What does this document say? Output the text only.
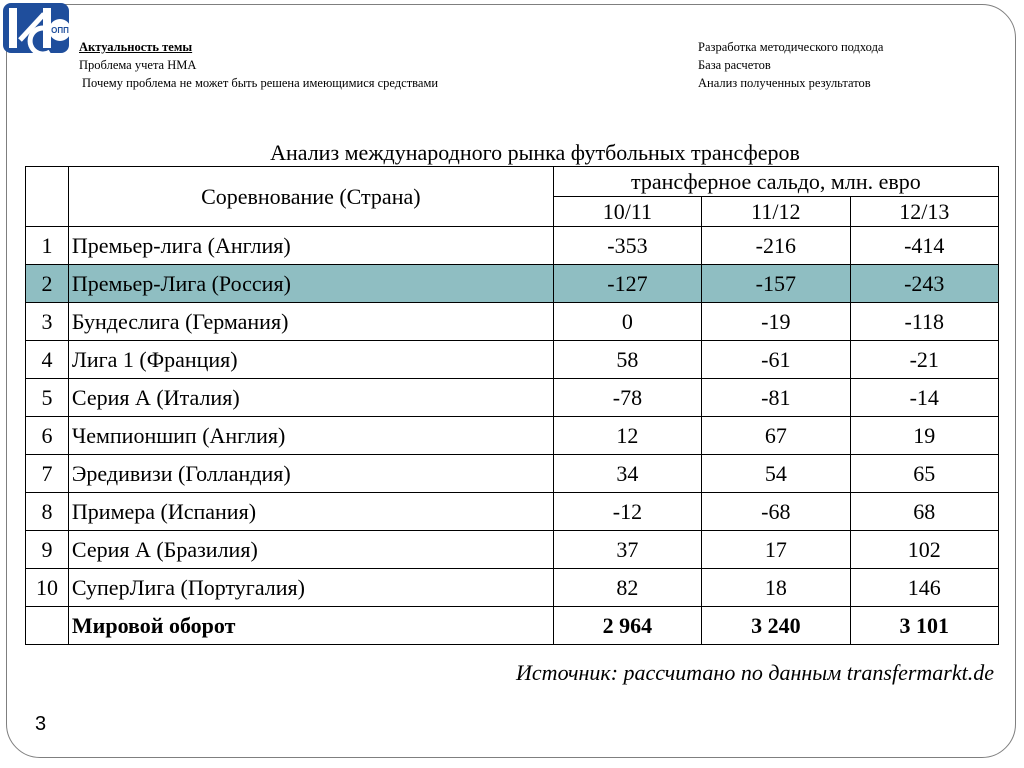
ОПП
Актуальность темы
Проблема учета НМА
Почему проблема не может быть решена имеющимися средствами
Разработка методического подхода
База расчетов
Анализ полученных результатов
Анализ международного рынка футбольных трансферов
	Соревнование (Страна)	трансферное сальдо, млн. евро		
		10/11	11/12	12/13
1	Премьер-лига (Англия)	-353	-216	-414
2	Премьер-Лига (Россия)	-127	-157	-243
3	Бундеслига (Германия)	0	-19	-118
4	Лига 1 (Франция)	58	-61	-21
5	Серия А (Италия)	-78	-81	-14
6	Чемпионшип (Англия)	12	67	19
7	Эредивизи (Голландия)	34	54	65
8	Примера (Испания)	-12	-68	68
9	Серия А (Бразилия)	37	17	102
10	СуперЛига (Португалия)	82	18	146
	Мировой оборот	2 964	3 240	3 101
Источник: рассчитано по данным transfermarkt.de
3
